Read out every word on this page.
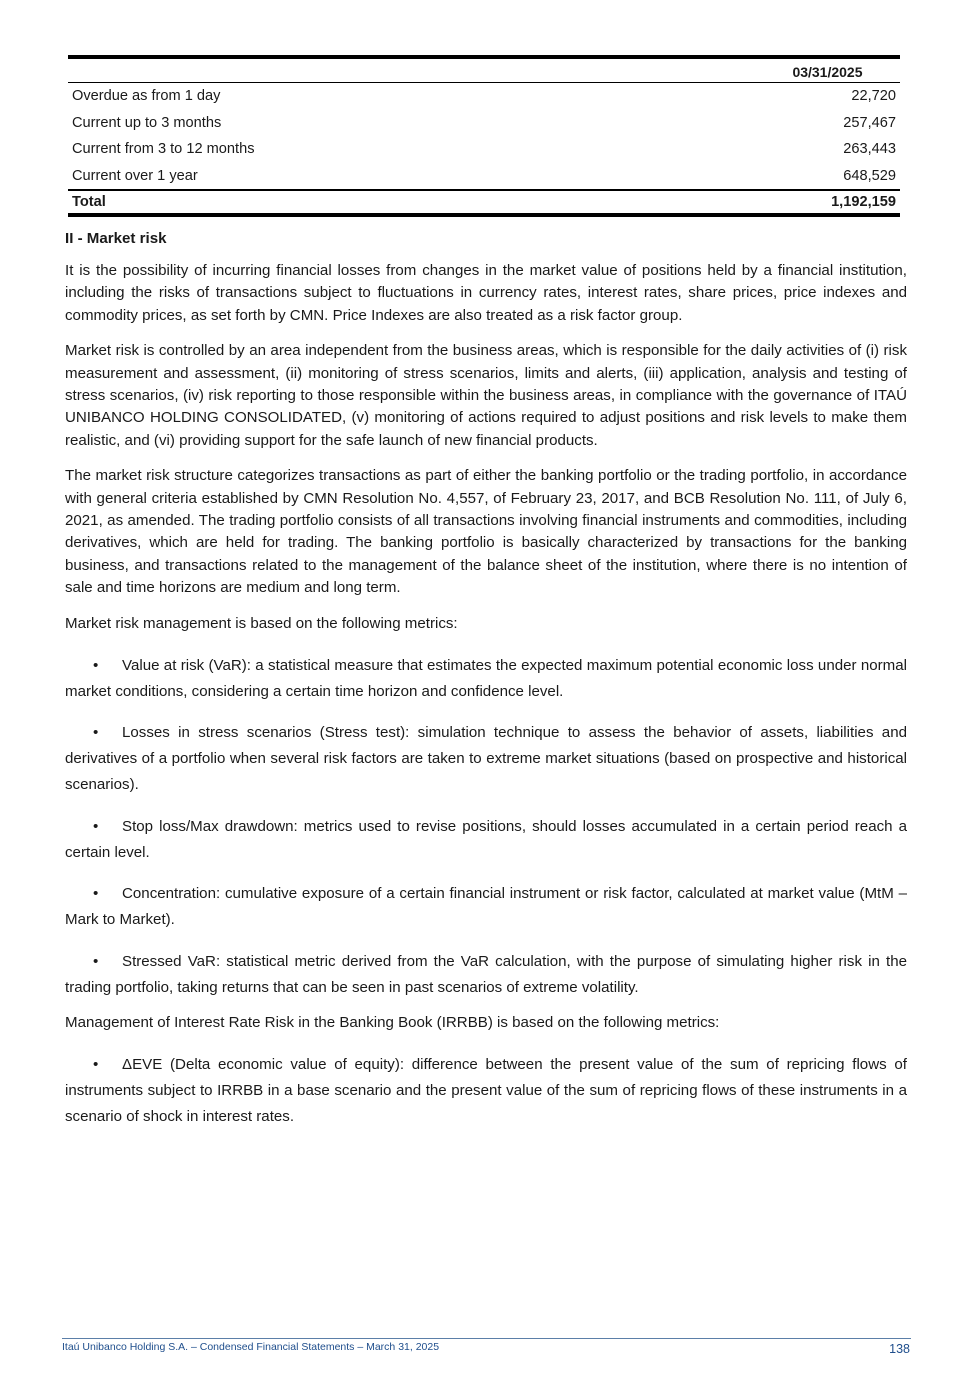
	03/31/2025
Overdue as from 1 day	22,720
Current up to 3 months	257,467
Current from 3 to 12 months	263,443
Current over 1 year	648,529
Total	1,192,159
II - Market risk

It is the possibility of incurring financial losses from changes in the market value of positions held by a financial institution, including the risks of transactions subject to fluctuations in currency rates, interest rates, share prices, price indexes and commodity prices, as set forth by CMN. Price Indexes are also treated as a risk factor group.

Market risk is controlled by an area independent from the business areas, which is responsible for the daily activities of (i) risk measurement and assessment, (ii) monitoring of stress scenarios, limits and alerts, (iii) application, analysis and testing of stress scenarios, (iv) risk reporting to those responsible within the business areas, in compliance with the governance of ITAÚ UNIBANCO HOLDING CONSOLIDATED, (v) monitoring of actions required to adjust positions and risk levels to make them realistic, and (vi) providing support for the safe launch of new financial products.

The market risk structure categorizes transactions as part of either the banking portfolio or the trading portfolio, in accordance with general criteria established by CMN Resolution No. 4,557, of February 23, 2017, and BCB Resolution No. 111, of July 6, 2021, as amended. The trading portfolio consists of all transactions involving financial instruments and commodities, including derivatives, which are held for trading. The banking portfolio is basically characterized by transactions for the banking business, and transactions related to the management of the balance sheet of the institution, where there is no intention of sale and time horizons are medium and long term.

Market risk management is based on the following metrics:

• Value at risk (VaR): a statistical measure that estimates the expected maximum potential economic loss under normal market conditions, considering a certain time horizon and confidence level.
• Losses in stress scenarios (Stress test): simulation technique to assess the behavior of assets, liabilities and derivatives of a portfolio when several risk factors are taken to extreme market situations (based on prospective and historical scenarios).
• Stop loss/Max drawdown: metrics used to revise positions, should losses accumulated in a certain period reach a certain level.
• Concentration: cumulative exposure of a certain financial instrument or risk factor, calculated at market value (MtM – Mark to Market).
• Stressed VaR: statistical metric derived from the VaR calculation, with the purpose of simulating higher risk in the trading portfolio, taking returns that can be seen in past scenarios of extreme volatility.

Management of Interest Rate Risk in the Banking Book (IRRBB) is based on the following metrics:

• ΔEVE (Delta economic value of equity): difference between the present value of the sum of repricing flows of instruments subject to IRRBB in a base scenario and the present value of the sum of repricing flows of these instruments in a scenario of shock in interest rates.
Itaú Unibanco Holding S.A. – Condensed Financial Statements – March 31, 2025	138
